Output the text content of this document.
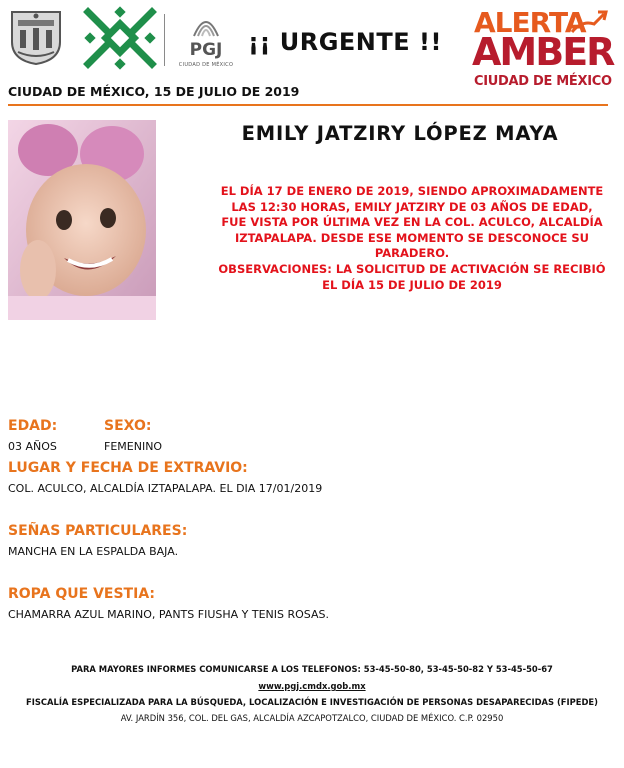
PGJ
CIUDAD DE MÉXICO
¡¡ URGENTE !!
ALERTA
AMBER
CIUDAD DE MÉXICO
CIUDAD DE MÉXICO, 15 DE JULIO DE 2019
EMILY JATZIRY LÓPEZ MAYA
EL DÍA 17 DE ENERO DE 2019, SIENDO APROXIMADAMENTE LAS 12:30 HORAS, EMILY JATZIRY DE 03 AÑOS DE EDAD, FUE VISTA POR ÚLTIMA VEZ EN LA COL. ACULCO, ALCALDÍA IZTAPALAPA. DESDE ESE MOMENTO SE DESCONOCE SU PARADERO.
OBSERVACIONES: LA SOLICITUD DE ACTIVACIÓN SE RECIBIÓ EL DÍA 15 DE JULIO DE 2019
EDAD:
03 AÑOS
SEXO:
FEMENINO
LUGAR Y FECHA DE EXTRAVIO:
COL. ACULCO, ALCALDÍA IZTAPALAPA. EL DIA 17/01/2019
SEÑAS PARTICULARES:
MANCHA EN LA ESPALDA BAJA.
ROPA QUE VESTIA:
CHAMARRA AZUL MARINO, PANTS FIUSHA Y TENIS ROSAS.
PARA MAYORES INFORMES COMUNICARSE A LOS TELEFONOS: 53-45-50-80, 53-45-50-82 Y 53-45-50-67
www.pgj.cmdx.gob.mx
FISCALÍA ESPECIALIZADA PARA LA BÚSQUEDA, LOCALIZACIÓN E INVESTIGACIÓN DE PERSONAS DESAPARECIDAS (FIPEDE)
AV. JARDÍN 356, COL. DEL GAS, ALCALDÍA AZCAPOTZALCO, CIUDAD DE MÉXICO. C.P. 02950
